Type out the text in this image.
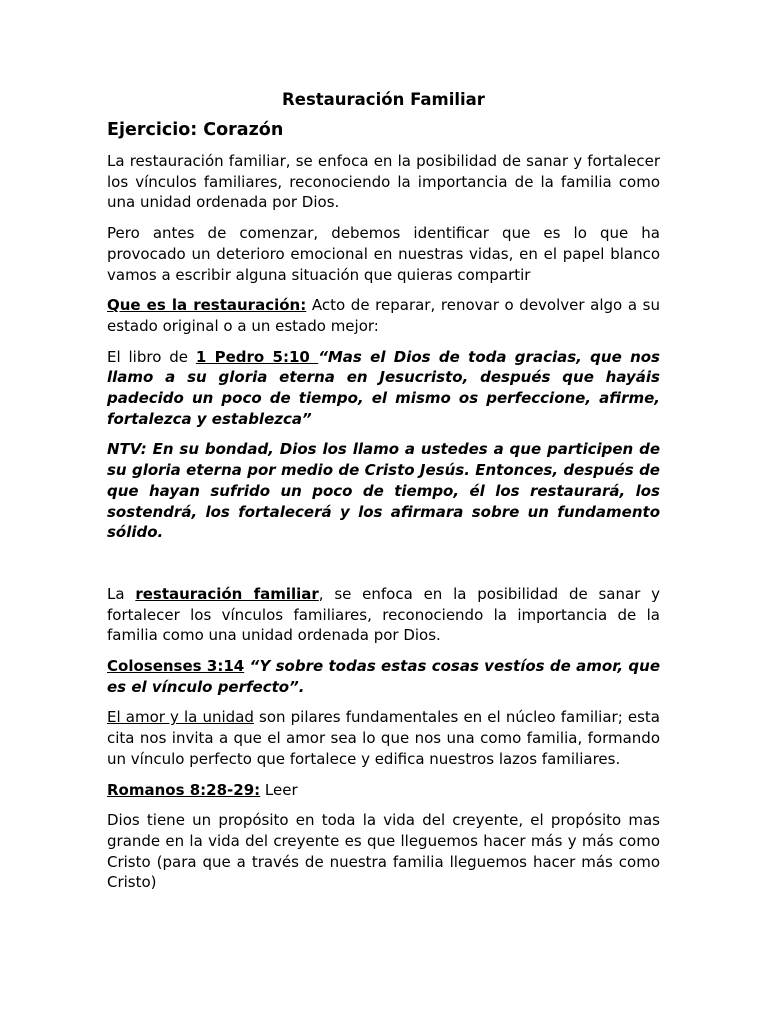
Restauración Familiar
Ejercicio: Corazón

La restauración familiar, se enfoca en la posibilidad de sanar y fortalecer los vínculos familiares, reconociendo la importancia de la familia como una unidad ordenada por Dios.

Pero antes de comenzar, debemos identificar que es lo que ha provocado un deterioro emocional en nuestras vidas, en el papel blanco vamos a escribir alguna situación que quieras compartir

Que es la restauración: Acto de reparar, renovar o devolver algo a su estado original o a un estado mejor:

El libro de 1 Pedro 5:10 “Mas el Dios de toda gracias, que nos llamo a su gloria eterna en Jesucristo, después que hayáis padecido un poco de tiempo, el mismo os perfeccione, afirme, fortalezca y establezca”

NTV: En su bondad, Dios los llamo a ustedes a que participen de su gloria eterna por medio de Cristo Jesús. Entonces, después de que hayan sufrido un poco de tiempo, él los restaurará, los sostendrá, los fortalecerá y los afirmara sobre un fundamento sólido.

La restauración familiar, se enfoca en la posibilidad de sanar y fortalecer los vínculos familiares, reconociendo la importancia de la familia como una unidad ordenada por Dios.

Colosenses 3:14 “Y sobre todas estas cosas vestíos de amor, que es el vínculo perfecto”.

El amor y la unidad son pilares fundamentales en el núcleo familiar; esta cita nos invita a que el amor sea lo que nos una como familia, formando un vínculo perfecto que fortalece y edifica nuestros lazos familiares.

Romanos 8:28-29: Leer

Dios tiene un propósito en toda la vida del creyente, el propósito mas grande en la vida del creyente es que lleguemos hacer más y más como Cristo (para que a través de nuestra familia lleguemos hacer más como Cristo)
